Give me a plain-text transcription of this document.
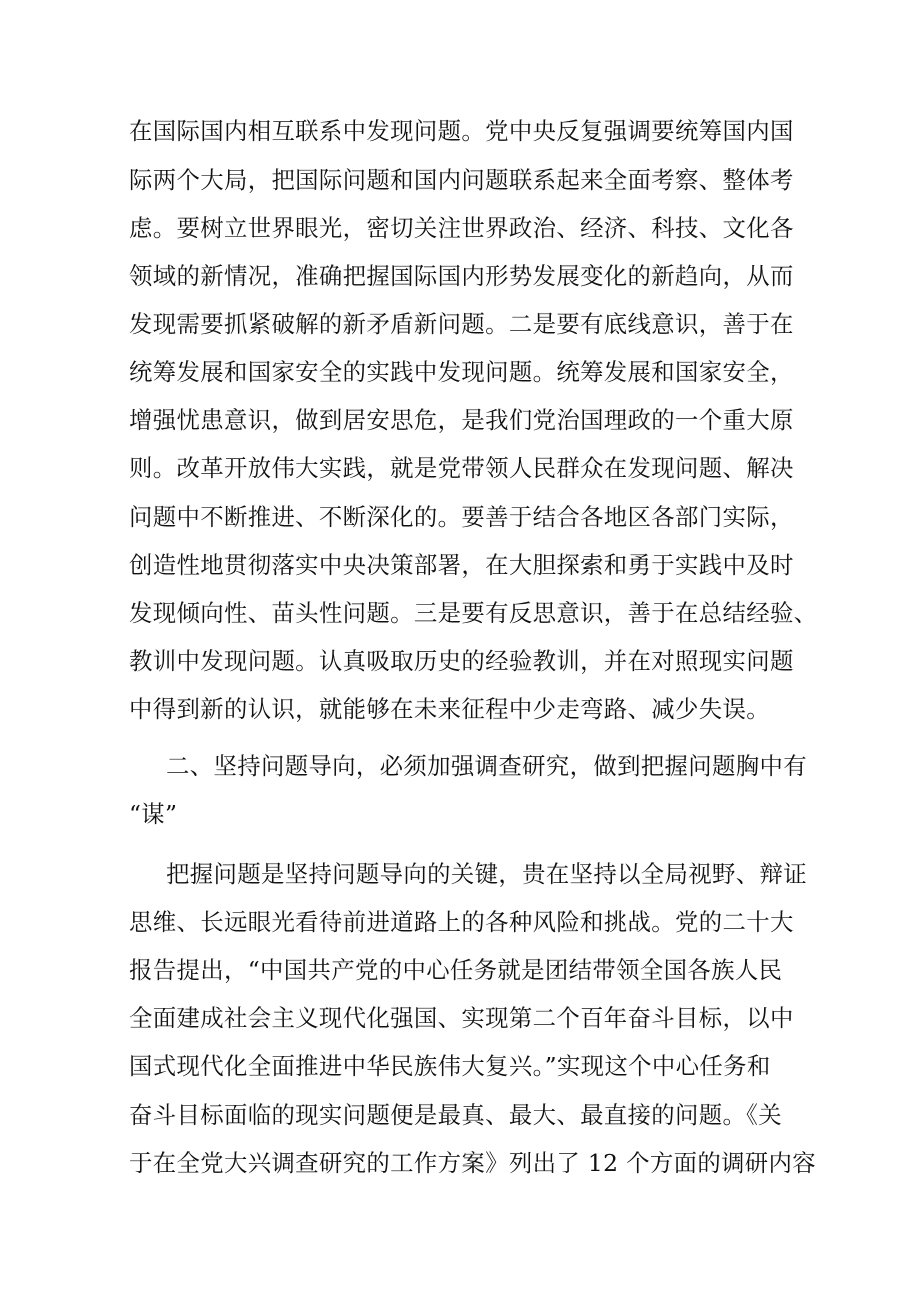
在国际国内相互联系中发现问题。党中央反复强调要统筹国内国
际两个大局，把国际问题和国内问题联系起来全面考察、整体考
虑。要树立世界眼光，密切关注世界政治、经济、科技、文化各
领域的新情况，准确把握国际国内形势发展变化的新趋向，从而
发现需要抓紧破解的新矛盾新问题。二是要有底线意识，善于在
统筹发展和国家安全的实践中发现问题。统筹发展和国家安全，
增强忧患意识，做到居安思危，是我们党治国理政的一个重大原
则。改革开放伟大实践，就是党带领人民群众在发现问题、解决
问题中不断推进、不断深化的。要善于结合各地区各部门实际，
创造性地贯彻落实中央决策部署，在大胆探索和勇于实践中及时
发现倾向性、苗头性问题。三是要有反思意识，善于在总结经验、
教训中发现问题。认真吸取历史的经验教训，并在对照现实问题
中得到新的认识，就能够在未来征程中少走弯路、减少失误。
二、坚持问题导向，必须加强调查研究，做到把握问题胸中有
“谋”
把握问题是坚持问题导向的关键，贵在坚持以全局视野、辩证
思维、长远眼光看待前进道路上的各种风险和挑战。党的二十大
报告提出，“中国共产党的中心任务就是团结带领全国各族人民
全面建成社会主义现代化强国、实现第二个百年奋斗目标，以中
国式现代化全面推进中华民族伟大复兴。”实现这个中心任务和
奋斗目标面临的现实问题便是最真、最大、最直接的问题。《关
于在全党大兴调查研究的工作方案》列出了 12 个方面的调研内容
